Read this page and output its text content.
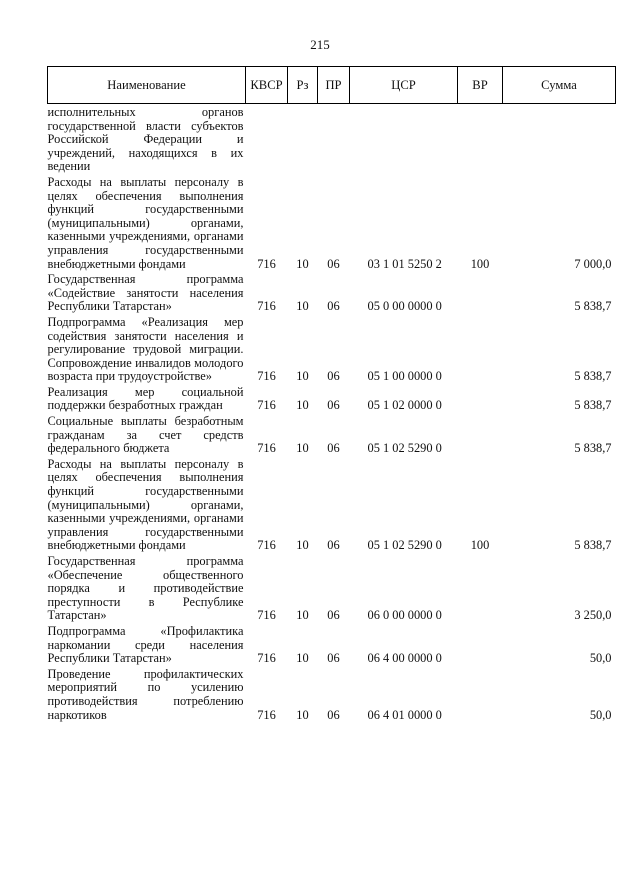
215
Наименование	КВСР	Рз	ПР	ЦСР	ВР	Сумма
исполнительных органов государственной власти субъектов Российской Федерации и учреждений, находящихся в их ведении						
Расходы на выплаты персоналу в целях обеспечения выполнения функций государственными (муниципальными) органами, казенными учреждениями, органами управления государственными внебюджетными фондами	716	10	06	03 1 01 5250 2	100	7 000,0
Государственная программа «Содействие занятости населения Республики Татарстан»	716	10	06	05 0 00 0000 0		5 838,7
Подпрограмма «Реализация мер содействия занятости населения и регулирование трудовой миграции. Сопровождение инвалидов молодого возраста при трудоустройстве»	716	10	06	05 1 00 0000 0		5 838,7
Реализация мер социальной поддержки безработных граждан	716	10	06	05 1 02 0000 0		5 838,7
Социальные выплаты безработным гражданам за счет средств федерального бюджета	716	10	06	05 1 02 5290 0		5 838,7
Расходы на выплаты персоналу в целях обеспечения выполнения функций государственными (муниципальными) органами, казенными учреждениями, органами управления государственными внебюджетными фондами	716	10	06	05 1 02 5290 0	100	5 838,7
Государственная программа «Обеспечение общественного порядка и противодействие преступности в Республике Татарстан»	716	10	06	06 0 00 0000 0		3 250,0
Подпрограмма «Профилактика наркомании среди населения Республики Татарстан»	716	10	06	06 4 00 0000 0		50,0
Проведение профилактических мероприятий по усилению противодействия потреблению наркотиков	716	10	06	06 4 01 0000 0		50,0
